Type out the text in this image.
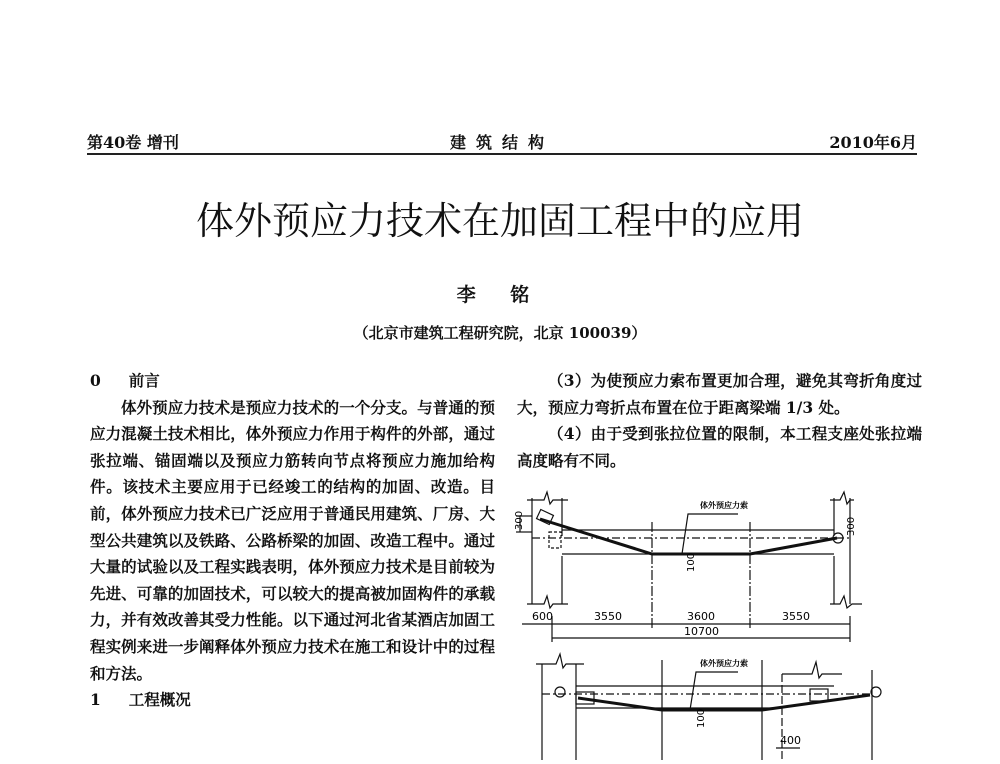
第40卷 增刊	建筑结构	2010年6月
体外预应力技术在加固工程中的应用
李 铭
（北京市建筑工程研究院，北京 100039）
0 前言

体外预应力技术是预应力技术的一个分支。与普通的预应力混凝土技术相比，体外预应力作用于构件的外部，通过张拉端、锚固端以及预应力筋转向节点将预应力施加给构件。该技术主要应用于已经竣工的结构的加固、改造。目前，体外预应力技术已广泛应用于普通民用建筑、厂房、大型公共建筑以及铁路、公路桥梁的加固、改造工程中。通过大量的试验以及工程实践表明，体外预应力技术是目前较为先进、可靠的加固技术，可以较大的提高被加固构件的承载力，并有效改善其受力性能。以下通过河北省某酒店加固工程实例来进一步阐释体外预应力技术在施工和设计中的过程和方法。

1 工程概况

（3）为使预应力索布置更加合理，避免其弯折角度过大，预应力弯折点布置在位于距离梁端 1/3 处。

（4）由于受到张拉位置的限制，本工程支座处张拉端高度略有不同。

体外预应力索
300	300
100
600	3550	3600	3550
10700
体外预应力索
100
400
